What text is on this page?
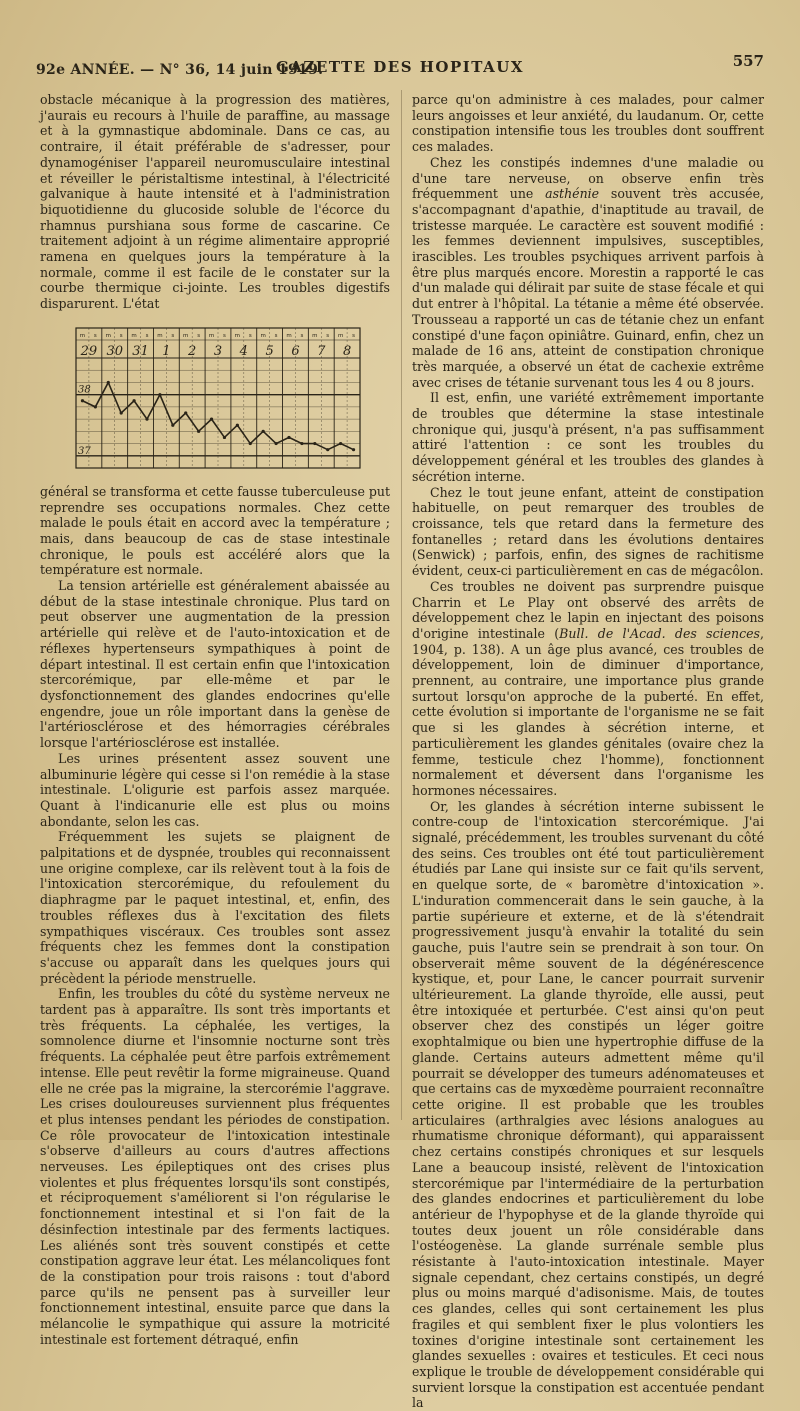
92e ANNÉE. — N° 36, 14 juin 1919.
GAZETTE DES HOPITAUX	557

obstacle mécanique à la progression des matières, j'aurais eu recours à l'huile de paraffine, au massage et à la gymnastique abdominale. Dans ce cas, au contraire, il était préférable de s'adresser, pour dynamogéniser l'appareil neuromusculaire intestinal et réveiller le péristaltisme intestinal, à l'électricité galvanique à haute intensité et à l'administration biquotidienne du glucoside soluble de l'écorce du rhamnus purshiana sous forme de cascarine. Ce traitement adjoint à un régime alimentaire approprié ramena en quelques jours la température à la normale, comme il est facile de le constater sur la courbe thermique ci-jointe. Les troubles digestifs disparurent. L'état

m s
29
m s
30
m s
31
m s
1
m s
2
m s
3
m s
4
m s
5
m s
6
m s
7
m s
8
38
37

général se transforma et cette fausse tuberculeuse put reprendre ses occupations normales. Chez cette malade le pouls était en accord avec la température ; mais, dans beaucoup de cas de stase intestinale chronique, le pouls est accéléré alors que la température est normale.

La tension artérielle est généralement abaissée au début de la stase intestinale chronique. Plus tard on peut observer une augmentation de la pression artérielle qui relève et de l'auto-intoxication et de réflexes hypertenseurs sympathiques à point de départ intestinal. Il est certain enfin que l'intoxication stercorémique, par elle-même et par le dysfonctionnement des glandes endocrines qu'elle engendre, joue un rôle important dans la genèse de l'artériosclérose et des hémorragies cérébrales lorsque l'artériosclérose est installée.

Les urines présentent assez souvent une albuminurie légère qui cesse si l'on remédie à la stase intestinale. L'oligurie est parfois assez marquée. Quant à l'indicanurie elle est plus ou moins abondante, selon les cas.

Fréquemment les sujets se plaignent de palpitations et de dyspnée, troubles qui reconnaissent une origine complexe, car ils relèvent tout à la fois de l'intoxication stercorémique, du refoulement du diaphragme par le paquet intestinal, et, enfin, des troubles réflexes dus à l'excitation des filets sympathiques viscéraux. Ces troubles sont assez fréquents chez les femmes dont la constipation s'accuse ou apparaît dans les quelques jours qui précèdent la période menstruelle.

Enfin, les troubles du côté du système nerveux ne tardent pas à apparaître. Ils sont très importants et très fréquents. La céphalée, les vertiges, la somnolence diurne et l'insomnie nocturne sont très fréquents. La céphalée peut être parfois extrêmement intense. Elle peut revêtir la forme migraineuse. Quand elle ne crée pas la migraine, la stercorémie l'aggrave. Les crises douloureuses surviennent plus fréquentes et plus intenses pendant les périodes de constipation. Ce rôle provocateur de l'intoxication intestinale s'observe d'ailleurs au cours d'autres affections nerveuses. Les épileptiques ont des crises plus violentes et plus fréquentes lorsqu'ils sont constipés, et réciproquement s'améliorent si l'on régularise le fonctionnement intestinal et si l'on fait de la désinfection intestinale par des ferments lactiques. Les aliénés sont très souvent constipés et cette constipation aggrave leur état. Les mélancoliques font de la constipation pour trois raisons : tout d'abord parce qu'ils ne pensent pas à surveiller leur fonctionnement intestinal, ensuite parce que dans la mélancolie le sympathique qui assure la motricité intestinale est fortement détraqué, enfin

parce qu'on administre à ces malades, pour calmer leurs angoisses et leur anxiété, du laudanum. Or, cette constipation intensifie tous les troubles dont souffrent ces malades.

Chez les constipés indemnes d'une maladie ou d'une tare nerveuse, on observe enfin très fréquemment une asthénie souvent très accusée, s'accompagnant d'apathie, d'inaptitude au travail, de tristesse marquée. Le caractère est souvent modifié : les femmes deviennent impulsives, susceptibles, irascibles. Les troubles psychiques arrivent parfois à être plus marqués encore. Morestin a rapporté le cas d'un malade qui délirait par suite de stase fécale et qui dut entrer à l'hôpital. La tétanie a même été observée. Trousseau a rapporté un cas de tétanie chez un enfant constipé d'une façon opiniâtre. Guinard, enfin, chez un malade de 16 ans, atteint de constipation chronique très marquée, a observé un état de cachexie extrême avec crises de tétanie survenant tous les 4 ou 8 jours.

Il est, enfin, une variété extrêmement importante de troubles que détermine la stase intestinale chronique qui, jusqu'à présent, n'a pas suffisamment attiré l'attention : ce sont les troubles du développement général et les troubles des glandes à sécrétion interne.

Chez le tout jeune enfant, atteint de constipation habituelle, on peut remarquer des troubles de croissance, tels que retard dans la fermeture des fontanelles ; retard dans les évolutions dentaires (Senwick) ; parfois, enfin, des signes de rachitisme évident, ceux-ci particulièrement en cas de mégacôlon.

Ces troubles ne doivent pas surprendre puisque Charrin et Le Play ont observé des arrêts de développement chez le lapin en injectant des poisons d'origine intestinale (Bull. de l'Acad. des sciences, 1904, p. 138). A un âge plus avancé, ces troubles de développement, loin de diminuer d'importance, prennent, au contraire, une importance plus grande surtout lorsqu'on approche de la puberté. En effet, cette évolution si importante de l'organisme ne se fait que si les glandes à sécrétion interne, et particulièrement les glandes génitales (ovaire chez la femme, testicule chez l'homme), fonctionnent normalement et déversent dans l'organisme les hormones nécessaires.

Or, les glandes à sécrétion interne subissent le contre-coup de l'intoxication stercorémique. J'ai signalé, précédemment, les troubles survenant du côté des seins. Ces troubles ont été tout particulièrement étudiés par Lane qui insiste sur ce fait qu'ils servent, en quelque sorte, de « baromètre d'intoxication ». L'induration commencerait dans le sein gauche, à la partie supérieure et externe, et de là s'étendrait progressivement jusqu'à envahir la totalité du sein gauche, puis l'autre sein se prendrait à son tour. On observerait même souvent de la dégénérescence kystique, et, pour Lane, le cancer pourrait survenir ultérieurement. La glande thyroïde, elle aussi, peut être intoxiquée et perturbée. C'est ainsi qu'on peut observer chez des constipés un léger goitre exophtalmique ou bien une hypertrophie diffuse de la glande. Certains auteurs admettent même qu'il pourrait se développer des tumeurs adénomateuses et que certains cas de myxœdème pourraient reconnaître cette origine. Il est probable que les troubles articulaires (arthralgies avec lésions analogues au rhumatisme chronique déformant), qui apparaissent chez certains constipés chroniques et sur lesquels Lane a beaucoup insisté, relèvent de l'intoxication stercorémique par l'intermédiaire de la perturbation des glandes endocrines et particulièrement du lobe antérieur de l'hypophyse et de la glande thyroïde qui toutes deux jouent un rôle considérable dans l'ostéogenèse. La glande surrénale semble plus résistante à l'auto-intoxication intestinale. Mayer signale cependant, chez certains constipés, un degré plus ou moins marqué d'adisonisme. Mais, de toutes ces glandes, celles qui sont certainement les plus fragiles et qui semblent fixer le plus volontiers les toxines d'origine intestinale sont certainement les glandes sexuelles : ovaires et testicules. Et ceci nous explique le trouble de développement considérable qui survient lorsque la constipation est accentuée pendant la
